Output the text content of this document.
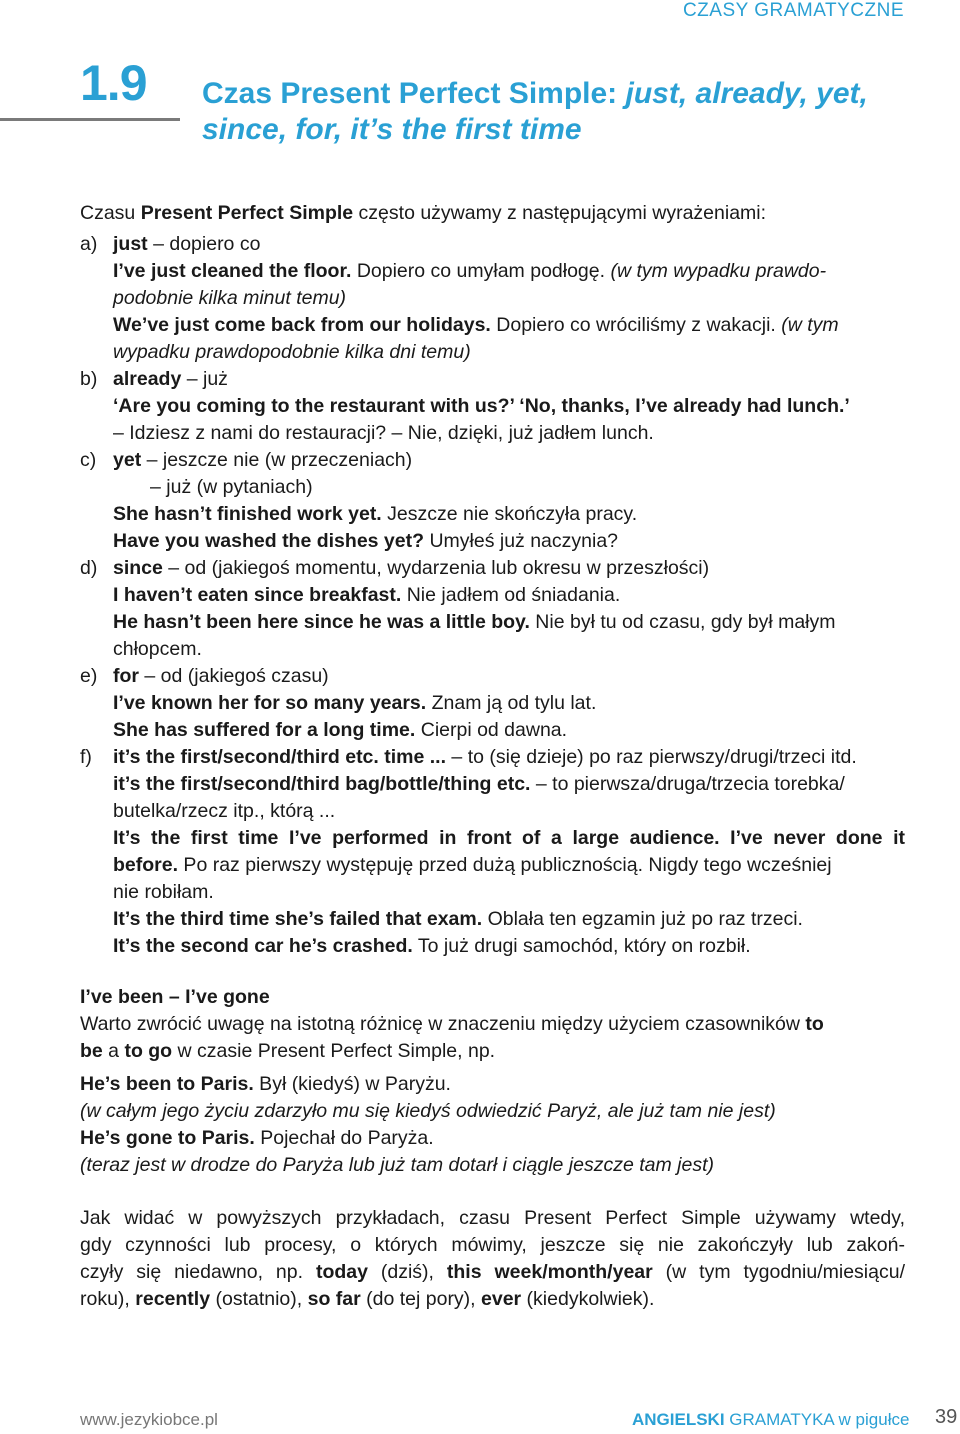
CZASY GRAMATYCZNE
1.9 Czas Present Perfect Simple: just, already, yet,
since, for, it’s the first time
Czasu Present Perfect Simple często używamy z następującymi wyrażeniami:
a) just – dopiero co
I’ve just cleaned the floor. Dopiero co umyłam podłogę. (w tym wypadku prawdo-
podobnie kilka minut temu)
We’ve just come back from our holidays. Dopiero co wróciliśmy z wakacji. (w tym
wypadku prawdopodobnie kilka dni temu)
b) already – już
‘Are you coming to the restaurant with us?’ ‘No, thanks, I’ve already had lunch.’
– Idziesz z nami do restauracji? – Nie, dzięki, już jadłem lunch.
c) yet – jeszcze nie (w przeczeniach)
– już (w pytaniach)
She hasn’t finished work yet. Jeszcze nie skończyła pracy.
Have you washed the dishes yet? Umyłeś już naczynia?
d) since – od (jakiegoś momentu, wydarzenia lub okresu w przeszłości)
I haven’t eaten since breakfast. Nie jadłem od śniadania.
He hasn’t been here since he was a little boy. Nie był tu od czasu, gdy był małym
chłopcem.
e) for – od (jakiegoś czasu)
I’ve known her for so many years. Znam ją od tylu lat.
She has suffered for a long time. Cierpi od dawna.
f) it’s the first/second/third etc. time ... – to (się dzieje) po raz pierwszy/drugi/trzeci itd.
it’s the first/second/third bag/bottle/thing etc. – to pierwsza/druga/trzecia torebka/
butelka/rzecz itp., którą ...
It’s the first time I’ve performed in front of a large audience. I’ve never done it
before. Po raz pierwszy występuję przed dużą publicznością. Nigdy tego wcześniej
nie robiłam.
It’s the third time she’s failed that exam. Oblała ten egzamin już po raz trzeci.
It’s the second car he’s crashed. To już drugi samochód, który on rozbił.
I’ve been – I’ve gone
Warto zwrócić uwagę na istotną różnicę w znaczeniu między użyciem czasowników to
be a to go w czasie Present Perfect Simple, np.
He’s been to Paris. Był (kiedyś) w Paryżu.
(w całym jego życiu zdarzyło mu się kiedyś odwiedzić Paryż, ale już tam nie jest)
He’s gone to Paris. Pojechał do Paryża.
(teraz jest w drodze do Paryża lub już tam dotarł i ciągle jeszcze tam jest)
Jak widać w powyższych przykładach, czasu Present Perfect Simple używamy wtedy,
gdy czynności lub procesy, o których mówimy, jeszcze się nie zakończyły lub zakoń-
czyły się niedawno, np. today (dziś), this week/month/year (w tym tygodniu/miesiącu/
roku), recently (ostatnio), so far (do tej pory), ever (kiedykolwiek).
www.jezykiobce.pl	ANGIELSKI GRAMATYKA w pigułce 39
